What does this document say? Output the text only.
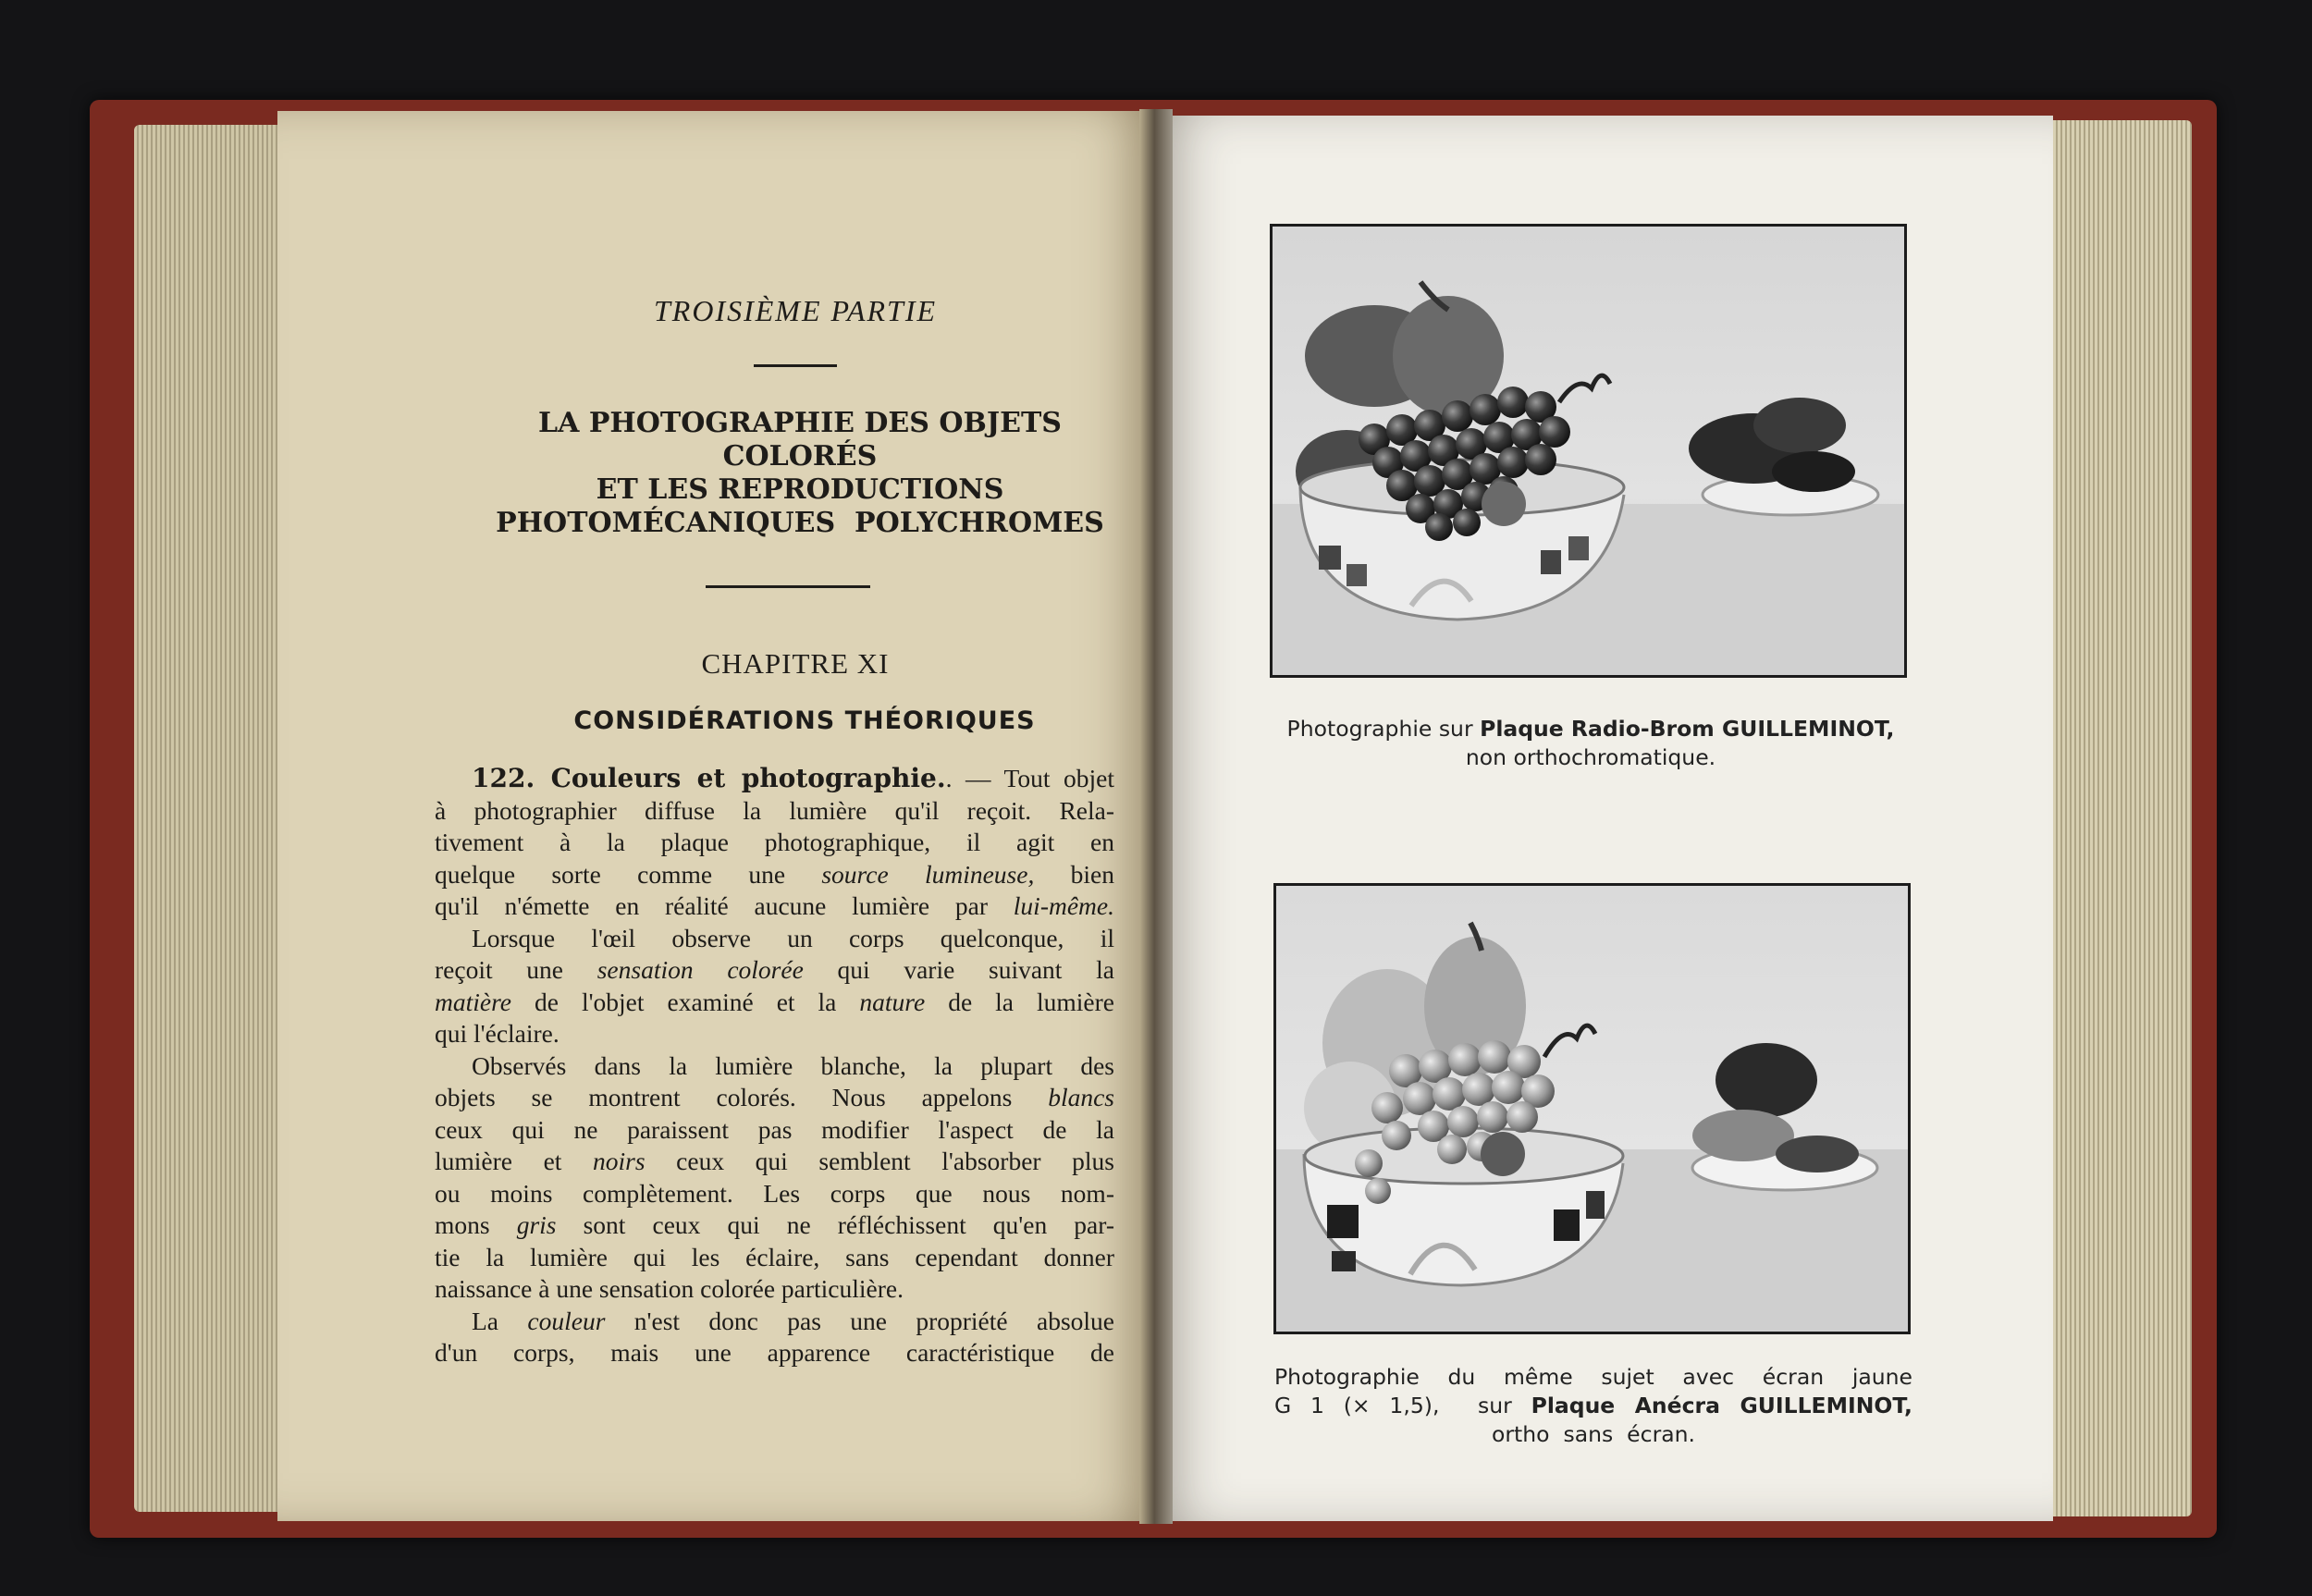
TROISIÈME PARTIE
LA PHOTOGRAPHIE DES OBJETS
COLORÉS
ET LES REPRODUCTIONS
PHOTOMÉCANIQUES  POLYCHROMES
CHAPITRE XI
CONSIDÉRATIONS THÉORIQUES
122. Couleurs et photographie.. — Tout objet
à photographier diffuse la lumière qu'il reçoit. Rela-
tivement à la plaque photographique, il agit en
quelque sorte comme une source lumineuse, bien
qu'il n'émette en réalité aucune lumière par lui-même.
Lorsque l'œil observe un corps quelconque, il
reçoit une sensation colorée qui varie suivant la
matière de l'objet examiné et la nature de la lumière
qui l'éclaire.
Observés dans la lumière blanche, la plupart des
objets se montrent colorés. Nous appelons blancs
ceux qui ne paraissent pas modifier l'aspect de la
lumière et noirs ceux qui semblent l'absorber plus
ou moins complètement. Les corps que nous nom-
mons gris sont ceux qui ne réfléchissent qu'en par-
tie la lumière qui les éclaire, sans cependant donner
naissance à une sensation colorée particulière.
La couleur n'est donc pas une propriété absolue
d'un corps, mais une apparence caractéristique de
Photographie sur Plaque Radio-Brom GUILLEMINOT,
non orthochromatique.
Photographie  du  même  sujet  avec  écran  jaune
G 1 (× 1,5),  sur Plaque Anécra GUILLEMINOT,
ortho  sans  écran.
